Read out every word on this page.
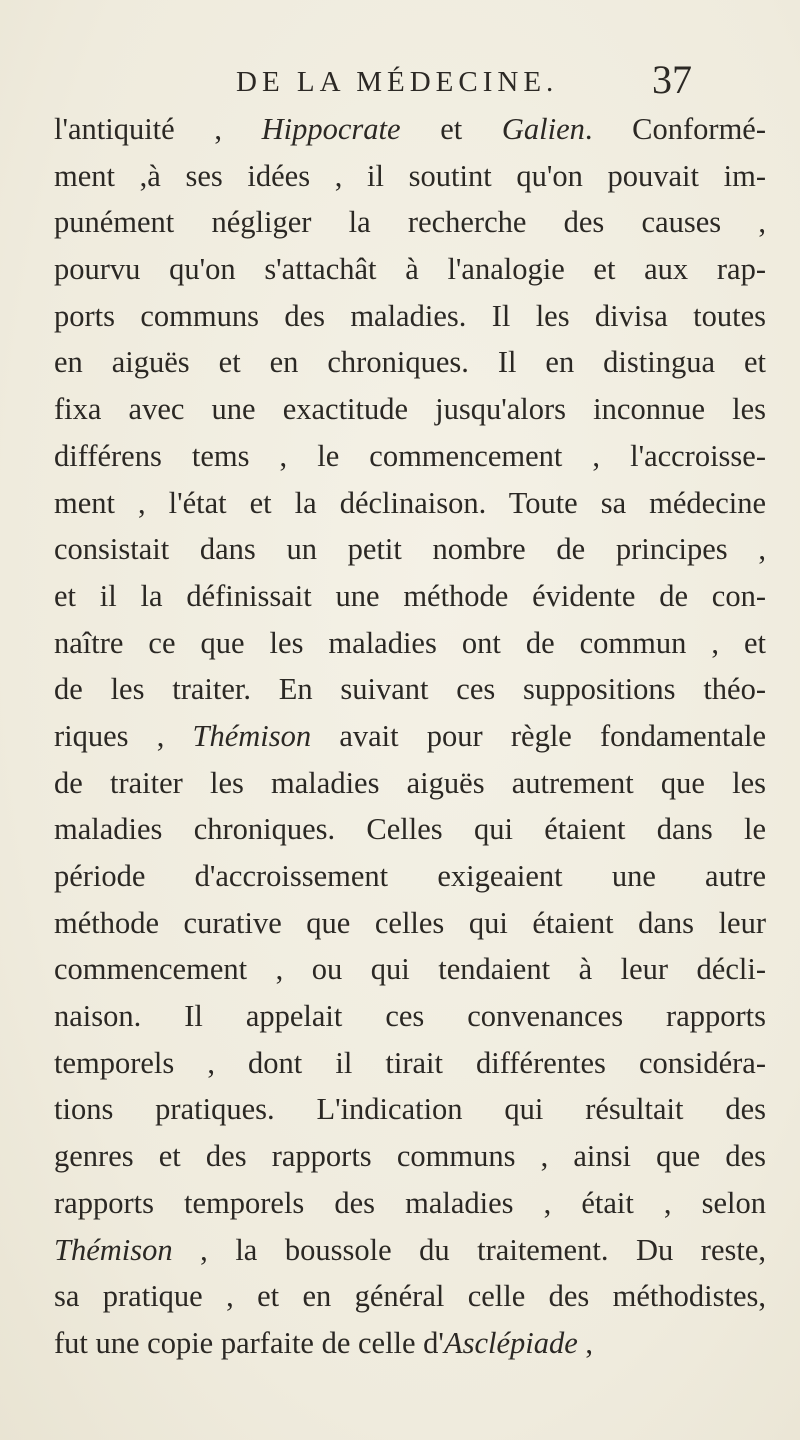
DE LA MÉDECINE. 37
l'antiquité , Hippocrate et Galien. Conformé-
ment ,à ses idées , il soutint qu'on pouvait im-
punément négliger la recherche des causes ,
pourvu qu'on s'attachât à l'analogie et aux rap-
ports communs des maladies. Il les divisa toutes
en aiguës et en chroniques. Il en distingua et
fixa avec une exactitude jusqu'alors inconnue les
différens tems , le commencement , l'accroisse-
ment , l'état et la déclinaison. Toute sa médecine
consistait dans un petit nombre de principes ,
et il la définissait une méthode évidente de con-
naître ce que les maladies ont de commun , et
de les traiter. En suivant ces suppositions théo-
riques , Thémison avait pour règle fondamentale
de traiter les maladies aiguës autrement que les
maladies chroniques. Celles qui étaient dans le
période d'accroissement exigeaient une autre
méthode curative que celles qui étaient dans leur
commencement , ou qui tendaient à leur décli-
naison. Il appelait ces convenances rapports
temporels , dont il tirait différentes considéra-
tions pratiques. L'indication qui résultait des
genres et des rapports communs , ainsi que des
rapports temporels des maladies , était , selon
Thémison , la boussole du traitement. Du reste,
sa pratique , et en général celle des méthodistes,
fut une copie parfaite de celle d'Asclépiade ,
